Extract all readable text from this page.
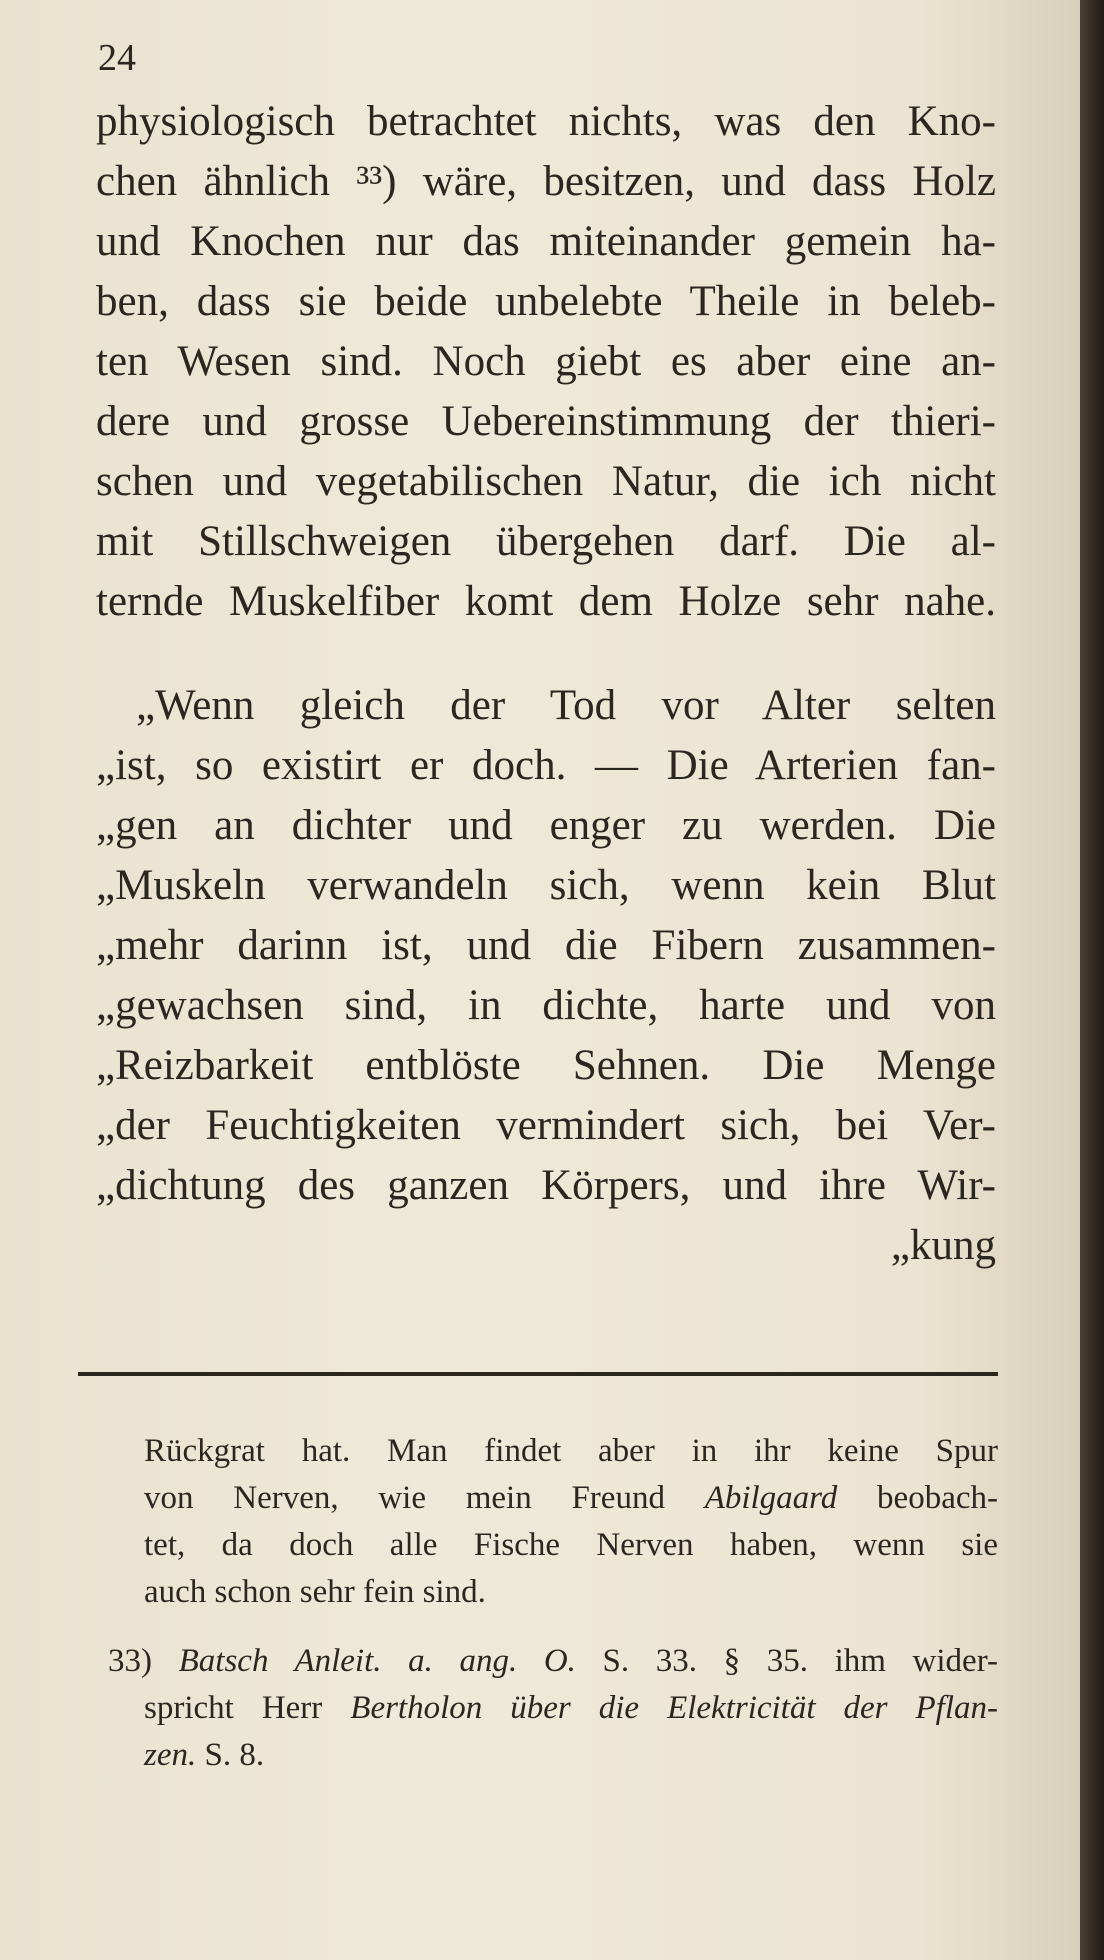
24
physiologisch betrachtet nichts, was den Kno-
chen ähnlich ³³) wäre, besitzen, und dass Holz
und Knochen nur das miteinander gemein ha-
ben, dass sie beide unbelebte Theile in beleb-
ten Wesen sind. Noch giebt es aber eine an-
dere und grosse Uebereinstimmung der thieri-
schen und vegetabilischen Natur, die ich nicht
mit Stillschweigen übergehen darf. Die al-
ternde Muskelfiber komt dem Holze sehr nahe.
„Wenn gleich der Tod vor Alter selten
„ist, so existirt er doch. — Die Arterien fan-
„gen an dichter und enger zu werden. Die
„Muskeln verwandeln sich, wenn kein Blut
„mehr darinn ist, und die Fibern zusammen-
„gewachsen sind, in dichte, harte und von
„Reizbarkeit entblöste Sehnen. Die Menge
„der Feuchtigkeiten vermindert sich, bei Ver-
„dichtung des ganzen Körpers, und ihre Wir-
„kung
Rückgrat hat. Man findet aber in ihr keine Spur
von Nerven, wie mein Freund Abilgaard beobach-
tet, da doch alle Fische Nerven haben, wenn sie
auch schon sehr fein sind.
33) Batsch Anleit. a. ang. O. S. 33. § 35. ihm wider-
spricht Herr Bertholon über die Elektricität der Pflan-
zen. S. 8.
